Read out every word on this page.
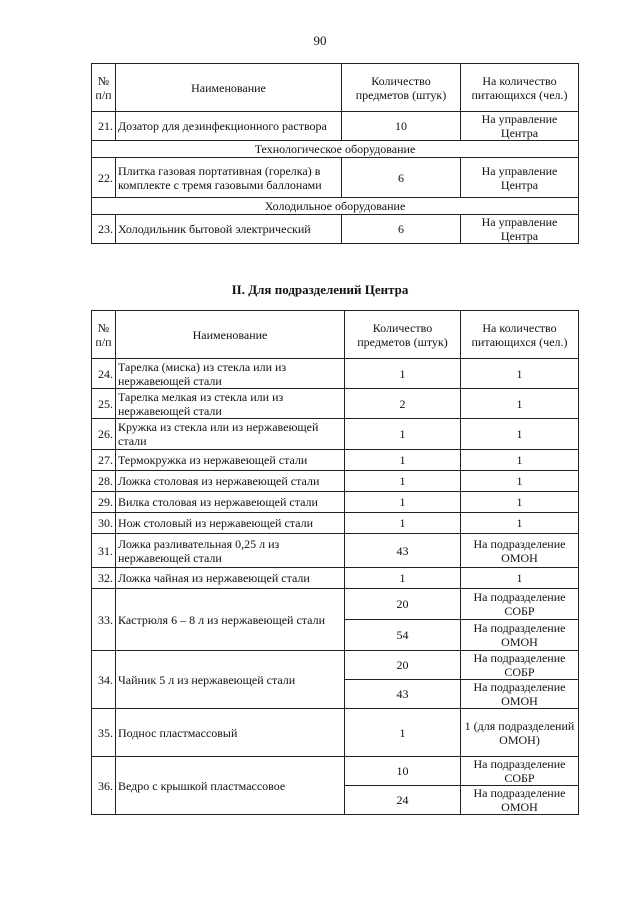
90
№ п/п	Наименование	Количество предметов (штук)	На количество питающихся (чел.)
21.	Дозатор для дезинфекционного раствора	10	На управление Центра
Технологическое оборудование			
22.	Плитка газовая портативная (горелка) в комплекте с тремя газовыми баллонами	6	На управление Центра
Холодильное оборудование			
23.	Холодильник бытовой электрический	6	На управление Центра
II. Для подразделений Центра
№ п/п	Наименование	Количество предметов (штук)	На количество питающихся (чел.)
24.	Тарелка (миска) из стекла или из нержавеющей стали	1	1
25.	Тарелка мелкая из стекла или из нержавеющей стали	2	1
26.	Кружка из стекла или из нержавеющей стали	1	1
27.	Термокружка из нержавеющей стали	1	1
28.	Ложка столовая из нержавеющей стали	1	1
29.	Вилка столовая из нержавеющей стали	1	1
30.	Нож столовый из нержавеющей стали	1	1
31.	Ложка разливательная 0,25 л из нержавеющей стали	43	На подразделение ОМОН
32.	Ложка чайная из нержавеющей стали	1	1
33.	Кастрюля 6 – 8 л из нержавеющей стали	20	На подразделение СОБР
		54	На подразделение ОМОН
34.	Чайник 5 л из нержавеющей стали	20	На подразделение СОБР
		43	На подразделение ОМОН
35.	Поднос пластмассовый	1	1 (для подразделений ОМОН)
36.	Ведро с крышкой пластмассовое	10	На подразделение СОБР
		24	На подразделение ОМОН
